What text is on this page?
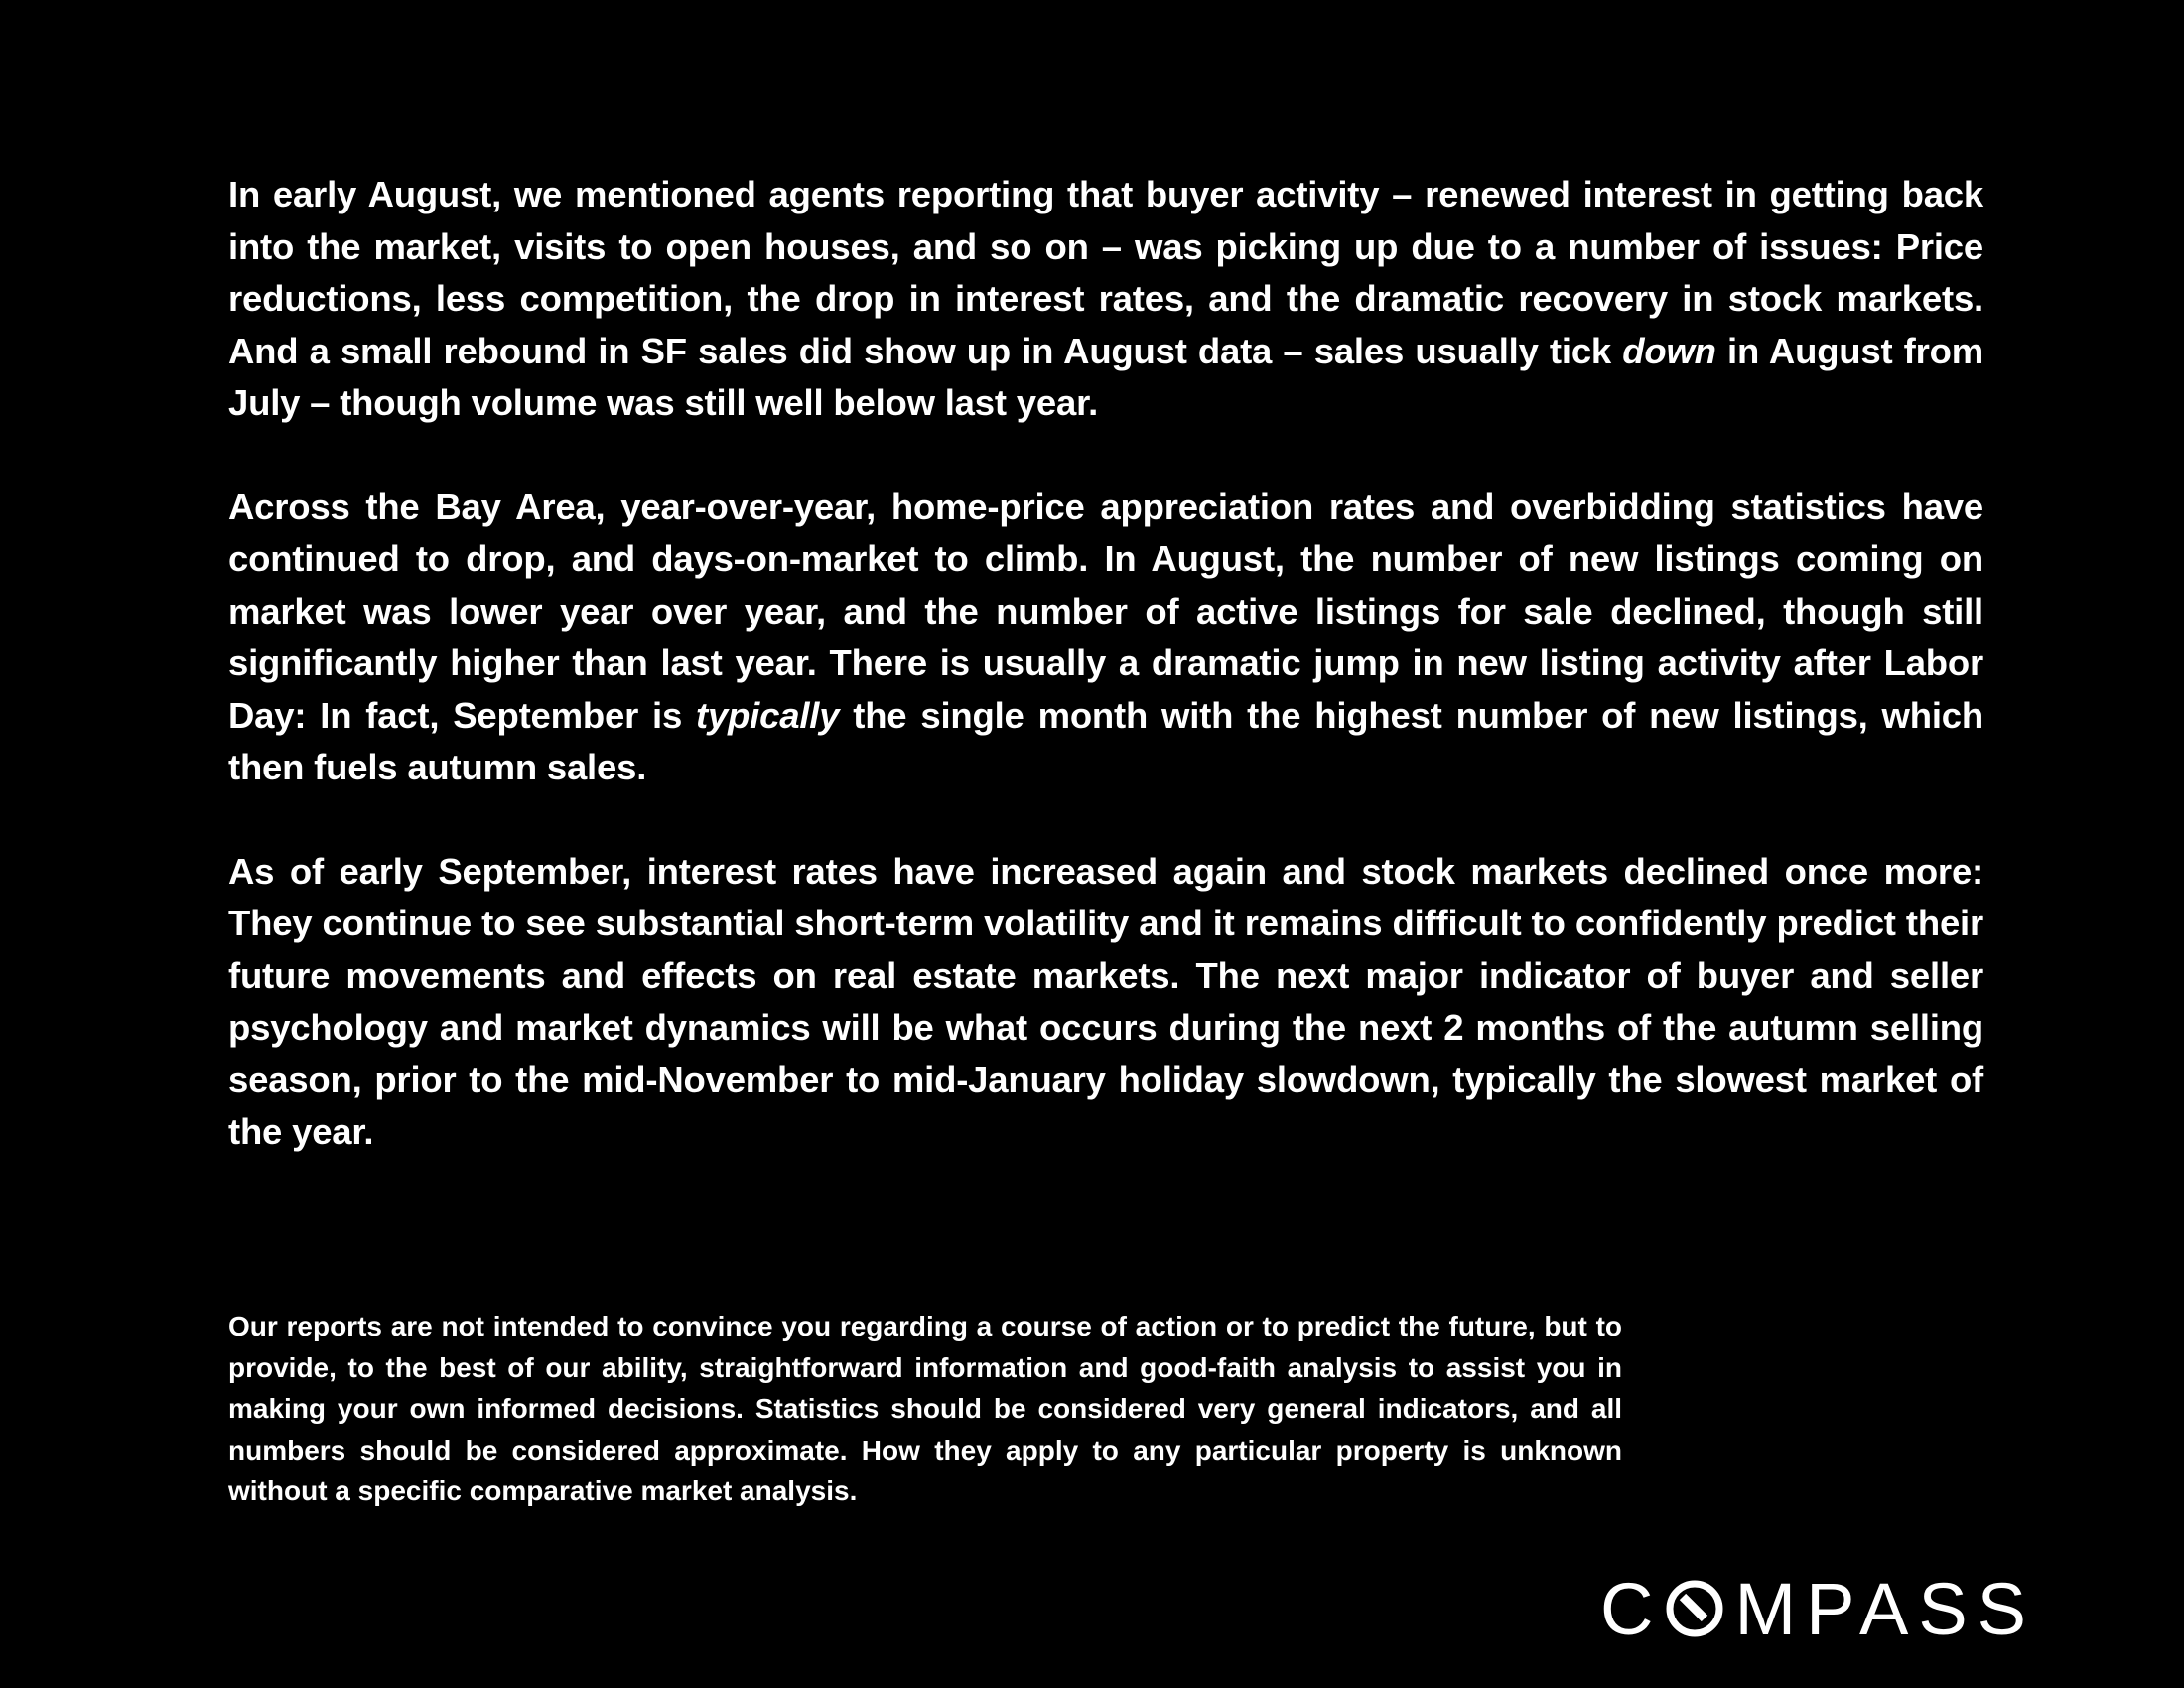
In early August, we mentioned agents reporting that buyer activity – renewed interest in getting back into the market, visits to open houses, and so on – was picking up due to a number of issues: Price reductions, less competition, the drop in interest rates, and the dramatic recovery in stock markets. And a small rebound in SF sales did show up in August data – sales usually tick down in August from July – though volume was still well below last year.

Across the Bay Area, year-over-year, home-price appreciation rates and overbidding statistics have continued to drop, and days-on-market to climb. In August, the number of new listings coming on market was lower year over year, and the number of active listings for sale declined, though still significantly higher than last year. There is usually a dramatic jump in new listing activity after Labor Day: In fact, September is typically the single month with the highest number of new listings, which then fuels autumn sales.

As of early September, interest rates have increased again and stock markets declined once more: They continue to see substantial short-term volatility and it remains difficult to confidently predict their future movements and effects on real estate markets. The next major indicator of buyer and seller psychology and market dynamics will be what occurs during the next 2 months of the autumn selling season, prior to the mid-November to mid-January holiday slowdown, typically the slowest market of the year.

Our reports are not intended to convince you regarding a course of action or to predict the future, but to provide, to the best of our ability, straightforward information and good-faith analysis to assist you in making your own informed decisions. Statistics should be considered very general indicators, and all numbers should be considered approximate. How they apply to any particular property is unknown without a specific comparative market analysis.

C MPASS
